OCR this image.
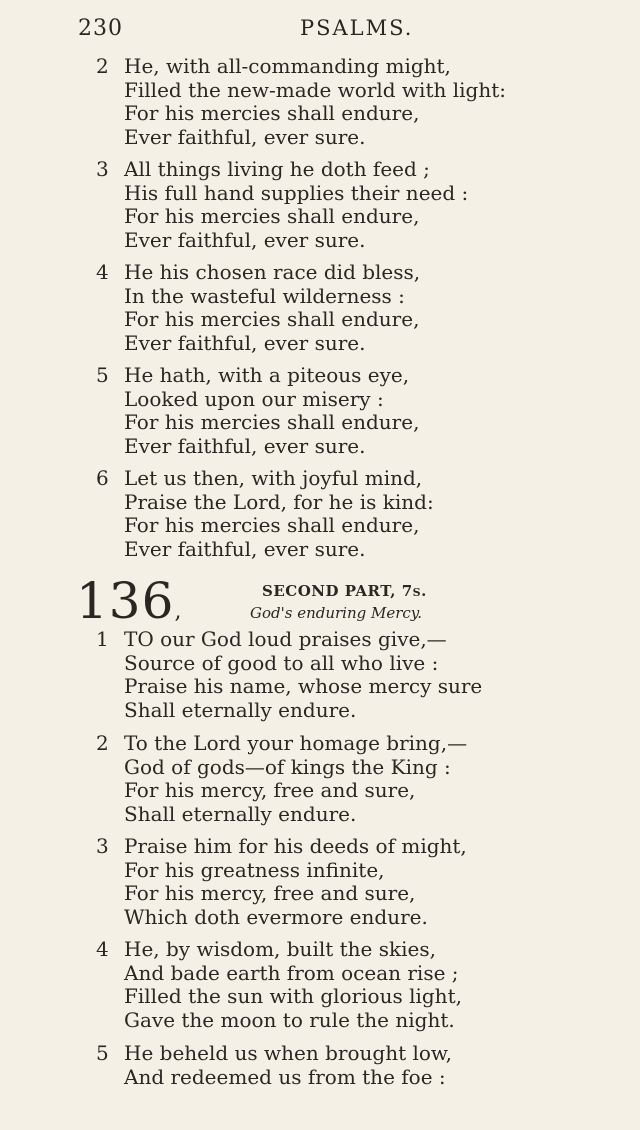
230	PSALMS.
2 He, with all-commanding might,
Filled the new-made world with light:
For his mercies shall endure,
Ever faithful, ever sure.
3 All things living he doth feed ;
His full hand supplies their need :
For his mercies shall endure,
Ever faithful, ever sure.
4 He his chosen race did bless,
In the wasteful wilderness :
For his mercies shall endure,
Ever faithful, ever sure.
5 He hath, with a piteous eye,
Looked upon our misery :
For his mercies shall endure,
Ever faithful, ever sure.
6 Let us then, with joyful mind,
Praise the Lord, for he is kind:
For his mercies shall endure,
Ever faithful, ever sure.
136,
SECOND PART, 7s.
God's enduring Mercy.
1 TO our God loud praises give,—
Source of good to all who live :
Praise his name, whose mercy sure
Shall eternally endure.
2 To the Lord your homage bring,—
God of gods—of kings the King :
For his mercy, free and sure,
Shall eternally endure.
3 Praise him for his deeds of might,
For his greatness infinite,
For his mercy, free and sure,
Which doth evermore endure.
4 He, by wisdom, built the skies,
And bade earth from ocean rise ;
Filled the sun with glorious light,
Gave the moon to rule the night.
5 He beheld us when brought low,
And redeemed us from the foe :
